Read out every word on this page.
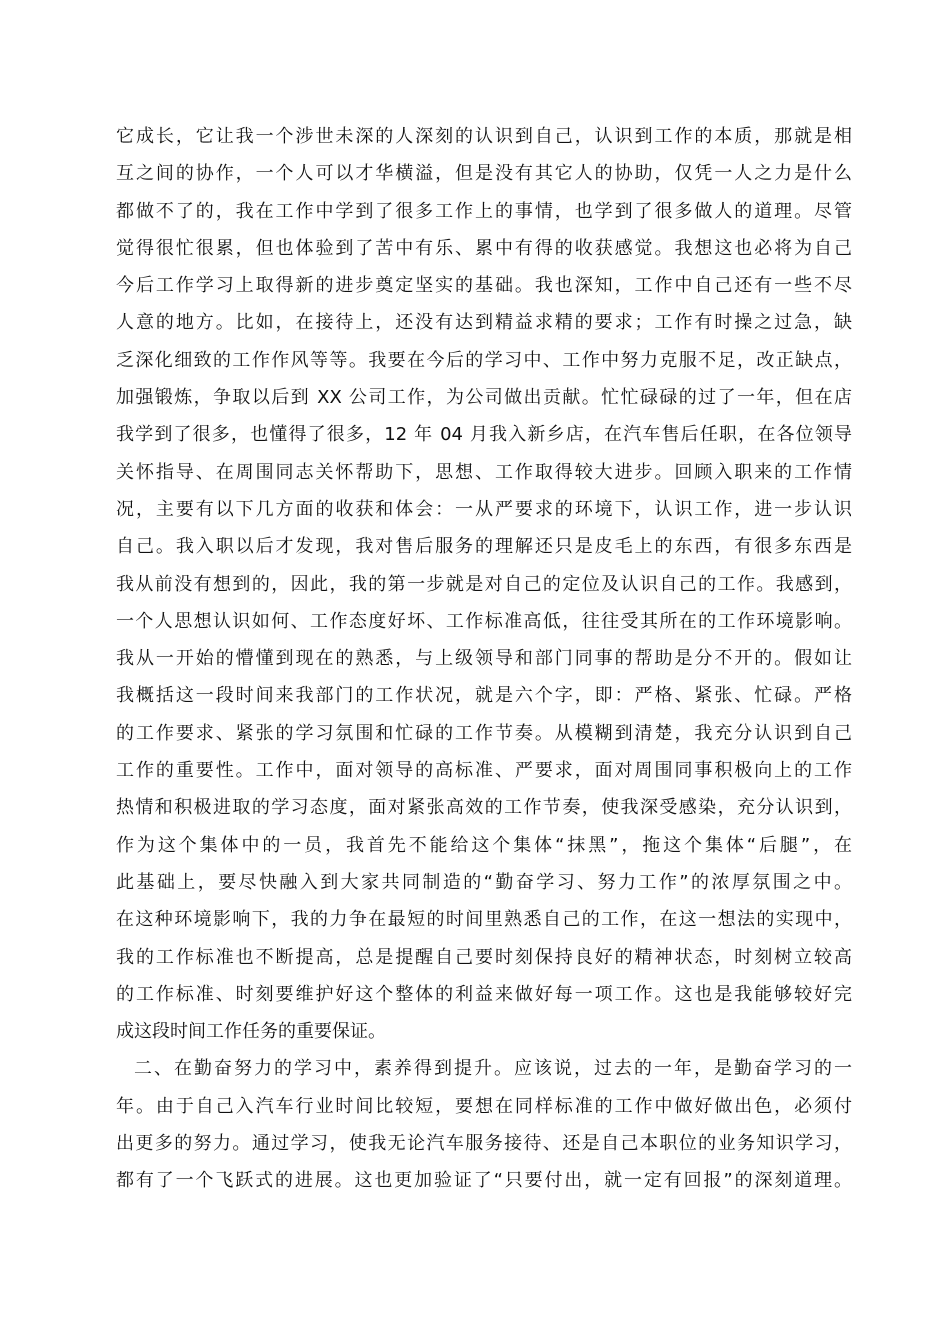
它成长，它让我一个涉世未深的人深刻的认识到自己，认识到工作的本质，那就是相
互之间的协作，一个人可以才华横溢，但是没有其它人的协助，仅凭一人之力是什么
都做不了的，我在工作中学到了很多工作上的事情，也学到了很多做人的道理。尽管
觉得很忙很累，但也体验到了苦中有乐、累中有得的收获感觉。我想这也必将为自己
今后工作学习上取得新的进步奠定坚实的基础。我也深知，工作中自己还有一些不尽
人意的地方。比如，在接待上，还没有达到精益求精的要求；工作有时操之过急，缺
乏深化细致的工作作风等等。我要在今后的学习中、工作中努力克服不足，改正缺点，
加强锻炼，争取以后到 XX 公司工作，为公司做出贡献。忙忙碌碌的过了一年，但在店
我学到了很多，也懂得了很多，12 年 04 月我入新乡店，在汽车售后任职，在各位领导
关怀指导、在周围同志关怀帮助下，思想、工作取得较大进步。回顾入职来的工作情
况，主要有以下几方面的收获和体会：一从严要求的环境下，认识工作，进一步认识
自己。我入职以后才发现，我对售后服务的理解还只是皮毛上的东西，有很多东西是
我从前没有想到的，因此，我的第一步就是对自己的定位及认识自己的工作。我感到，
一个人思想认识如何、工作态度好坏、工作标准高低，往往受其所在的工作环境影响。
我从一开始的懵懂到现在的熟悉，与上级领导和部门同事的帮助是分不开的。假如让
我概括这一段时间来我部门的工作状况，就是六个字，即：严格、紧张、忙碌。严格
的工作要求、紧张的学习氛围和忙碌的工作节奏。从模糊到清楚，我充分认识到自己
工作的重要性。工作中，面对领导的高标准、严要求，面对周围同事积极向上的工作
热情和积极进取的学习态度，面对紧张高效的工作节奏，使我深受感染，充分认识到，
作为这个集体中的一员，我首先不能给这个集体“抹黑”，拖这个集体“后腿”，在
此基础上，要尽快融入到大家共同制造的“勤奋学习、努力工作”的浓厚氛围之中。
在这种环境影响下，我的力争在最短的时间里熟悉自己的工作，在这一想法的实现中，
我的工作标准也不断提高，总是提醒自己要时刻保持良好的精神状态，时刻树立较高
的工作标准、时刻要维护好这个整体的利益来做好每一项工作。这也是我能够较好完
成这段时间工作任务的重要保证。
二、在勤奋努力的学习中，素养得到提升。应该说，过去的一年，是勤奋学习的一
年。由于自己入汽车行业时间比较短，要想在同样标准的工作中做好做出色，必须付
出更多的努力。通过学习，使我无论汽车服务接待、还是自己本职位的业务知识学习，
都有了一个飞跃式的进展。这也更加验证了“只要付出，就一定有回报”的深刻道理。
